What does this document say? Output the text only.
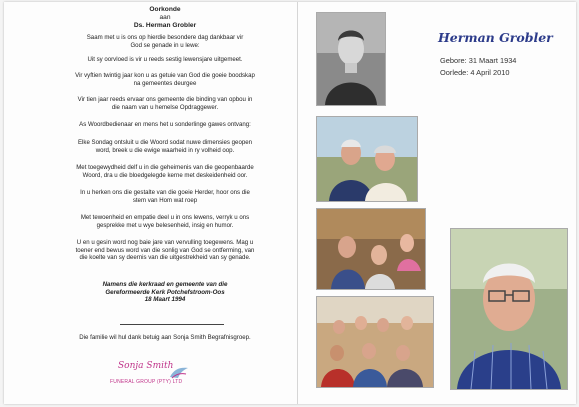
Oorkonde
aan
Ds. Herman Grobler
Saam met u is ons op hierdie besondere dag dankbaar vir
God se genade in u lewe:
Uit sy oorvloed is vir u reeds sestig lewensjare uitgemeet.
Vir vyftien twintig jaar kon u as getuie van God die goeie boodskap
na gemeentes deurgee
Vir tien jaar reeds ervaar ons gemeente die binding van opbou in
die naam van u hemelse Opdraggewer.
As Woordbedienaar en mens het u sonderlinge gawes ontvang:
Elke Sondag ontsluit u die Woord sodat nuwe dimensies geopen
word, breek u die ewige waarheid in ry volheid oop.
Met toegewydheid delf u in die geheimenis van die geopenbaarde
Woord, dra u die bloedgelegde kerne met deskeidenheid oor.
In u herken ons die gestalte van die goeie Herder, hoor ons die
stem van Hom wat roep
Met tewoenheid en empatie deel u in ons lewens, verryk u ons
gesprekke met u wye belesenheid, insig en humor.
U en u gesin word nog baie jare van vervulling toegewens. Mag u
toener end bewus word van die sonlig van God se ontferming, van
die koelte van sy deernis van die uitgestrekheid van sy genade.
Namens die kerkraad en gemeente van die
Gereformeerde Kerk Potchefstroom-Oos
18 Maart 1994
Die familie wil hul dank betuig aan Sonja Smith Begrafnisgroep.
Sonja Smith
FUNERAL GROUP (PTY) LTD
Herman Grobler
Gebore: 31 Maart 1934
Oorlede: 4 April 2010
